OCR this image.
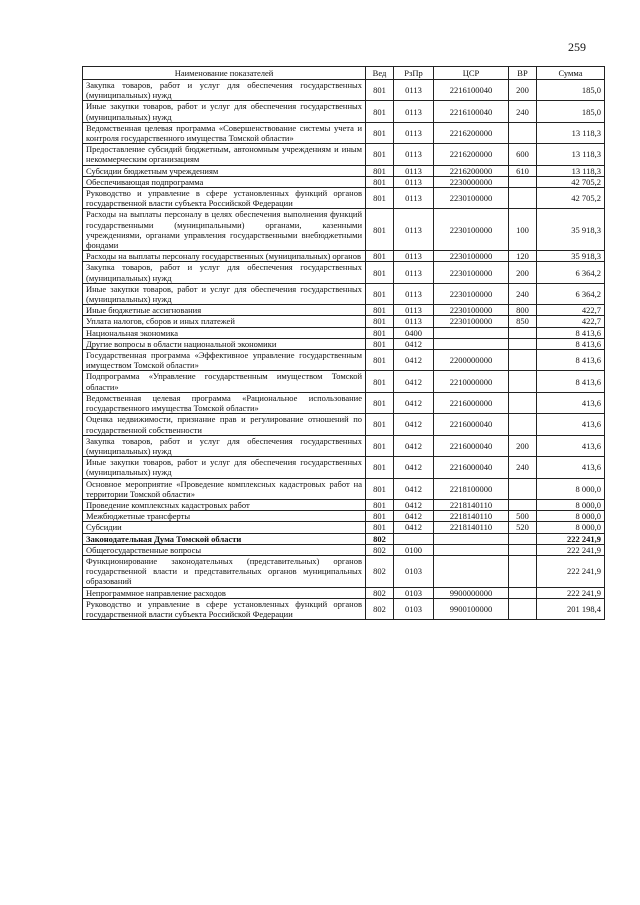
259
Наименование показателей	Вед	РзПр	ЦСР	ВР	Сумма
Закупка товаров, работ и услуг для обеспечения государственных (муниципальных) нужд	801	0113	2216100040	200	185,0
Иные закупки товаров, работ и услуг для обеспечения государственных (муниципальных) нужд	801	0113	2216100040	240	185,0
Ведомственная целевая программа «Совершенствование системы учета и контроля государственного имущества Томской области»	801	0113	2216200000		13 118,3
Предоставление субсидий бюджетным, автономным учреждениям и иным некоммерческим организациям	801	0113	2216200000	600	13 118,3
Субсидии бюджетным учреждениям	801	0113	2216200000	610	13 118,3
Обеспечивающая подпрограмма	801	0113	2230000000		42 705,2
Руководство и управление в сфере установленных функций органов государственной власти субъекта Российской Федерации	801	0113	2230100000		42 705,2
Расходы на выплаты персоналу в целях обеспечения выполнения функций государственными (муниципальными) органами, казенными учреждениями, органами управления государственными внебюджетными фондами	801	0113	2230100000	100	35 918,3
Расходы на выплаты персоналу государственных (муниципальных) органов	801	0113	2230100000	120	35 918,3
Закупка товаров, работ и услуг для обеспечения государственных (муниципальных) нужд	801	0113	2230100000	200	6 364,2
Иные закупки товаров, работ и услуг для обеспечения государственных (муниципальных) нужд	801	0113	2230100000	240	6 364,2
Иные бюджетные ассигнования	801	0113	2230100000	800	422,7
Уплата налогов, сборов и иных платежей	801	0113	2230100000	850	422,7
Национальная экономика	801	0400			8 413,6
Другие вопросы в области национальной экономики	801	0412			8 413,6
Государственная программа «Эффективное управление государственным имуществом Томской области»	801	0412	2200000000		8 413,6
Подпрограмма «Управление государственным имуществом Томской области»	801	0412	2210000000		8 413,6
Ведомственная целевая программа «Рациональное использование государственного имущества Томской области»	801	0412	2216000000		413,6
Оценка недвижимости, признание прав и регулирование отношений по государственной собственности	801	0412	2216000040		413,6
Закупка товаров, работ и услуг для обеспечения государственных (муниципальных) нужд	801	0412	2216000040	200	413,6
Иные закупки товаров, работ и услуг для обеспечения государственных (муниципальных) нужд	801	0412	2216000040	240	413,6
Основное мероприятие «Проведение комплексных кадастровых работ на территории Томской области»	801	0412	2218100000		8 000,0
Проведение комплексных кадастровых работ	801	0412	2218140110		8 000,0
Межбюджетные трансферты	801	0412	2218140110	500	8 000,0
Субсидии	801	0412	2218140110	520	8 000,0
Законодательная Дума Томской области	802				222 241,9
Общегосударственные вопросы	802	0100			222 241,9
Функционирование законодательных (представительных) органов государственной власти и представительных органов муниципальных образований	802	0103			222 241,9
Непрограммное направление расходов	802	0103	9900000000		222 241,9
Руководство и управление в сфере установленных функций органов государственной власти субъекта Российской Федерации	802	0103	9900100000		201 198,4
